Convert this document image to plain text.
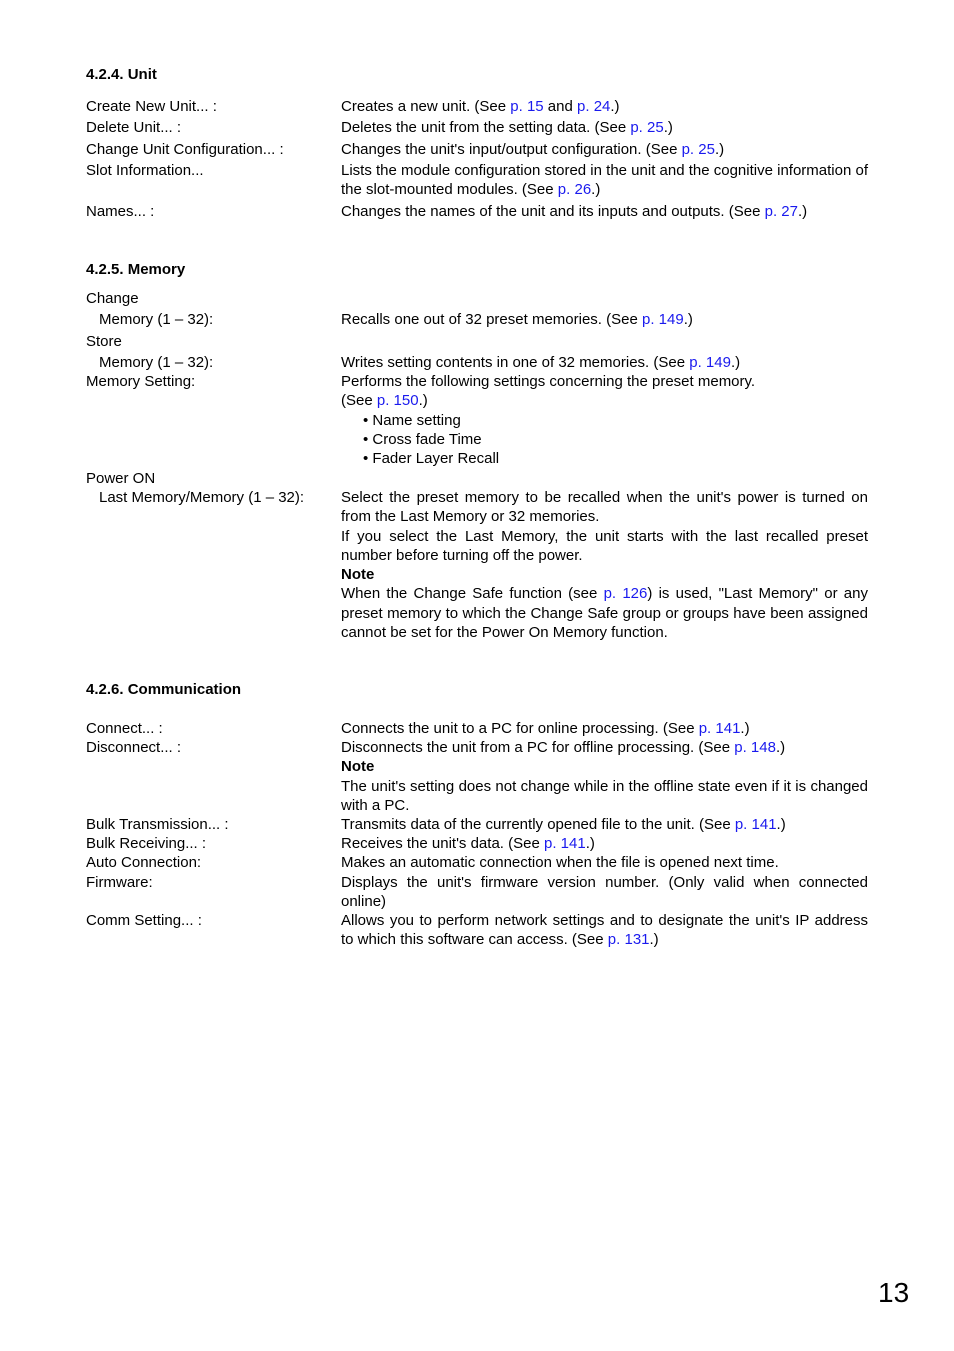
4.2.4. Unit
Create New Unit... :	Creates a new unit. (See p. 15 and p. 24.)
Delete Unit... :	Deletes the unit from the setting data. (See p. 25.)
Change Unit Configuration... :	Changes the unit's input/output configuration. (See p. 25.)
Slot Information...	Lists the module configuration stored in the unit and the cognitive information of the slot-mounted modules. (See p. 26.)
Names... :	Changes the names of the unit and its inputs and outputs. (See p. 27.)
4.2.5. Memory
Change
Memory (1 – 32):	Recalls one out of 32 preset memories. (See p. 149.)
Store
Memory (1 – 32):	Writes setting contents in one of 32 memories. (See p. 149.)
Memory Setting:	Performs the following settings concerning the preset memory.
(See p. 150.)
• Name setting
• Cross fade Time
• Fader Layer Recall
Power ON
Last Memory/Memory (1 – 32):	Select the preset memory to be recalled when the unit's power is turned on from the Last Memory or 32 memories.
If you select the Last Memory, the unit starts with the last recalled preset number before turning off the power.
Note
When the Change Safe function (see p. 126) is used, "Last Memory" or any preset memory to which the Change Safe group or groups have been assigned cannot be set for the Power On Memory function.
4.2.6. Communication
Connect... :	Connects the unit to a PC for online processing. (See p. 141.)
Disconnect... :	Disconnects the unit from a PC for offline processing. (See p. 148.)
Note
The unit's setting does not change while in the offline state even if it is changed with a PC.
Bulk Transmission... :	Transmits data of the currently opened file to the unit. (See p. 141.)
Bulk Receiving... :	Receives the unit's data. (See p. 141.)
Auto Connection:	Makes an automatic connection when the file is opened next time.
Firmware:	Displays the unit's firmware version number. (Only valid when connected online)
Comm Setting... :	Allows you to perform network settings and to designate the unit's IP address to which this software can access. (See p. 131.)
13
